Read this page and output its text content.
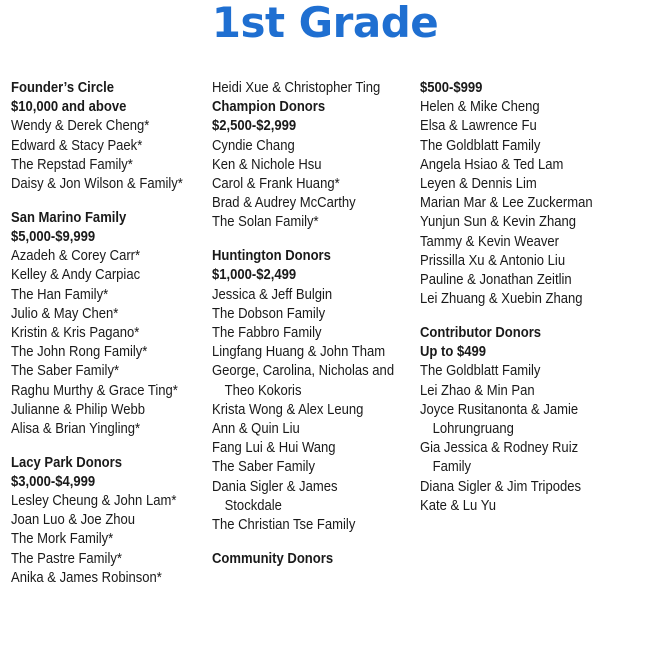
1st Grade
Founder’s Circle
$10,000 and above
Wendy & Derek Cheng*
Edward & Stacy Paek*
The Repstad Family*
Daisy & Jon Wilson & Family*
San Marino Family
$5,000-$9,999
Azadeh & Corey Carr*
Kelley & Andy Carpiac
The Han Family*
Julio & May Chen*
Kristin & Kris Pagano*
The John Rong Family*
The Saber Family*
Raghu Murthy & Grace Ting*
Julianne & Philip Webb
Alisa & Brian Yingling*
Lacy Park Donors
$3,000-$4,999
Lesley Cheung & John Lam*
Joan Luo & Joe Zhou
The Mork Family*
The Pastre Family*
Anika & James Robinson*
Heidi Xue & Christopher Ting
Champion Donors
$2,500-$2,999
Cyndie Chang
Ken & Nichole Hsu
Carol & Frank Huang*
Brad & Audrey McCarthy
The Solan Family*
Huntington Donors
$1,000-$2,499
Jessica & Jeff Bulgin
The Dobson Family
The Fabbro Family
Lingfang Huang & John Tham
George, Carolina, Nicholas and
Theo Kokoris
Krista Wong & Alex Leung
Ann & Quin Liu
Fang Lui & Hui Wang
The Saber Family
Dania Sigler & James
Stockdale
The Christian Tse Family
Community Donors
$500-$999
Helen & Mike Cheng
Elsa & Lawrence Fu
The Goldblatt Family
Angela Hsiao & Ted Lam
Leyen & Dennis Lim
Marian Mar & Lee Zuckerman
Yunjun Sun & Kevin Zhang
Tammy & Kevin Weaver
Prissilla Xu & Antonio Liu
Pauline & Jonathan Zeitlin
Lei Zhuang & Xuebin Zhang
Contributor Donors
Up to $499
The Goldblatt Family
Lei Zhao & Min Pan
Joyce Rusitanonta & Jamie
Lohrungruang
Gia Jessica & Rodney Ruiz
Family
Diana Sigler & Jim Tripodes
Kate & Lu Yu
